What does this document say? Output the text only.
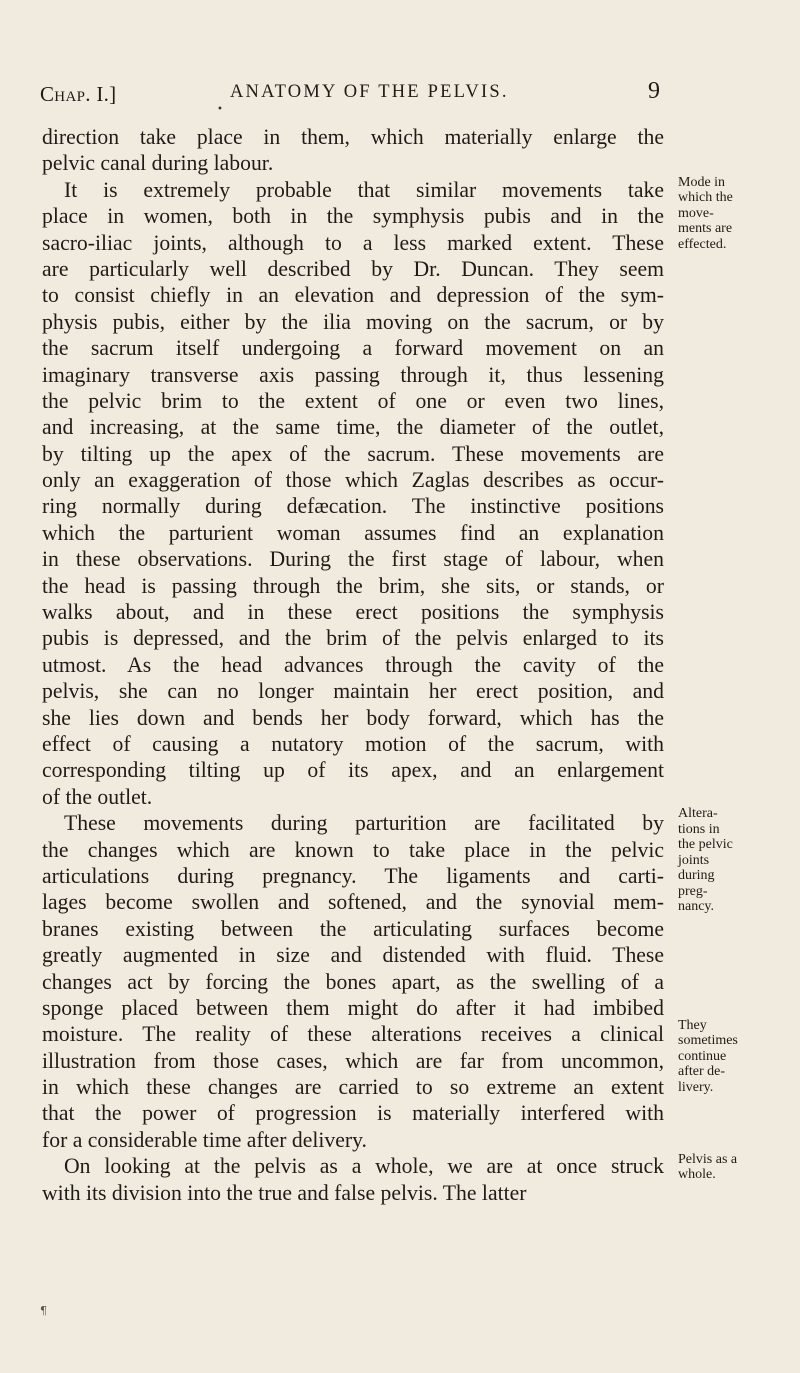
Chap. I.]	ANATOMY OF THE PELVIS.	9
•
direction take place in them, which materially enlarge the
pelvic canal during labour.
It is extremely probable that similar movements take
place in women, both in the symphysis pubis and in the
sacro-iliac joints, although to a less marked extent. These
are particularly well described by Dr. Duncan. They seem
to consist chiefly in an elevation and depression of the sym-
physis pubis, either by the ilia moving on the sacrum, or by
the sacrum itself undergoing a forward movement on an
imaginary transverse axis passing through it, thus lessening
the pelvic brim to the extent of one or even two lines,
and increasing, at the same time, the diameter of the outlet,
by tilting up the apex of the sacrum. These movements are
only an exaggeration of those which Zaglas describes as occur-
ring normally during defæcation. The instinctive positions
which the parturient woman assumes find an explanation
in these observations. During the first stage of labour, when
the head is passing through the brim, she sits, or stands, or
walks about, and in these erect positions the symphysis
pubis is depressed, and the brim of the pelvis enlarged to its
utmost. As the head advances through the cavity of the
pelvis, she can no longer maintain her erect position, and
she lies down and bends her body forward, which has the
effect of causing a nutatory motion of the sacrum, with
corresponding tilting up of its apex, and an enlargement
of the outlet.
These movements during parturition are facilitated by
the changes which are known to take place in the pelvic
articulations during pregnancy. The ligaments and carti-
lages become swollen and softened, and the synovial mem-
branes existing between the articulating surfaces become
greatly augmented in size and distended with fluid. These
changes act by forcing the bones apart, as the swelling of a
sponge placed between them might do after it had imbibed
moisture. The reality of these alterations receives a clinical
illustration from those cases, which are far from uncommon,
in which these changes are carried to so extreme an extent
that the power of progression is materially interfered with
for a considerable time after delivery.
On looking at the pelvis as a whole, we are at once struck
with its division into the true and false pelvis. The latter
Mode in
which the
move-
ments are
effected.
Altera-
tions in
the pelvic
joints
during
preg-
nancy.
They
sometimes
continue
after de-
livery.
Pelvis as a
whole.
¶
